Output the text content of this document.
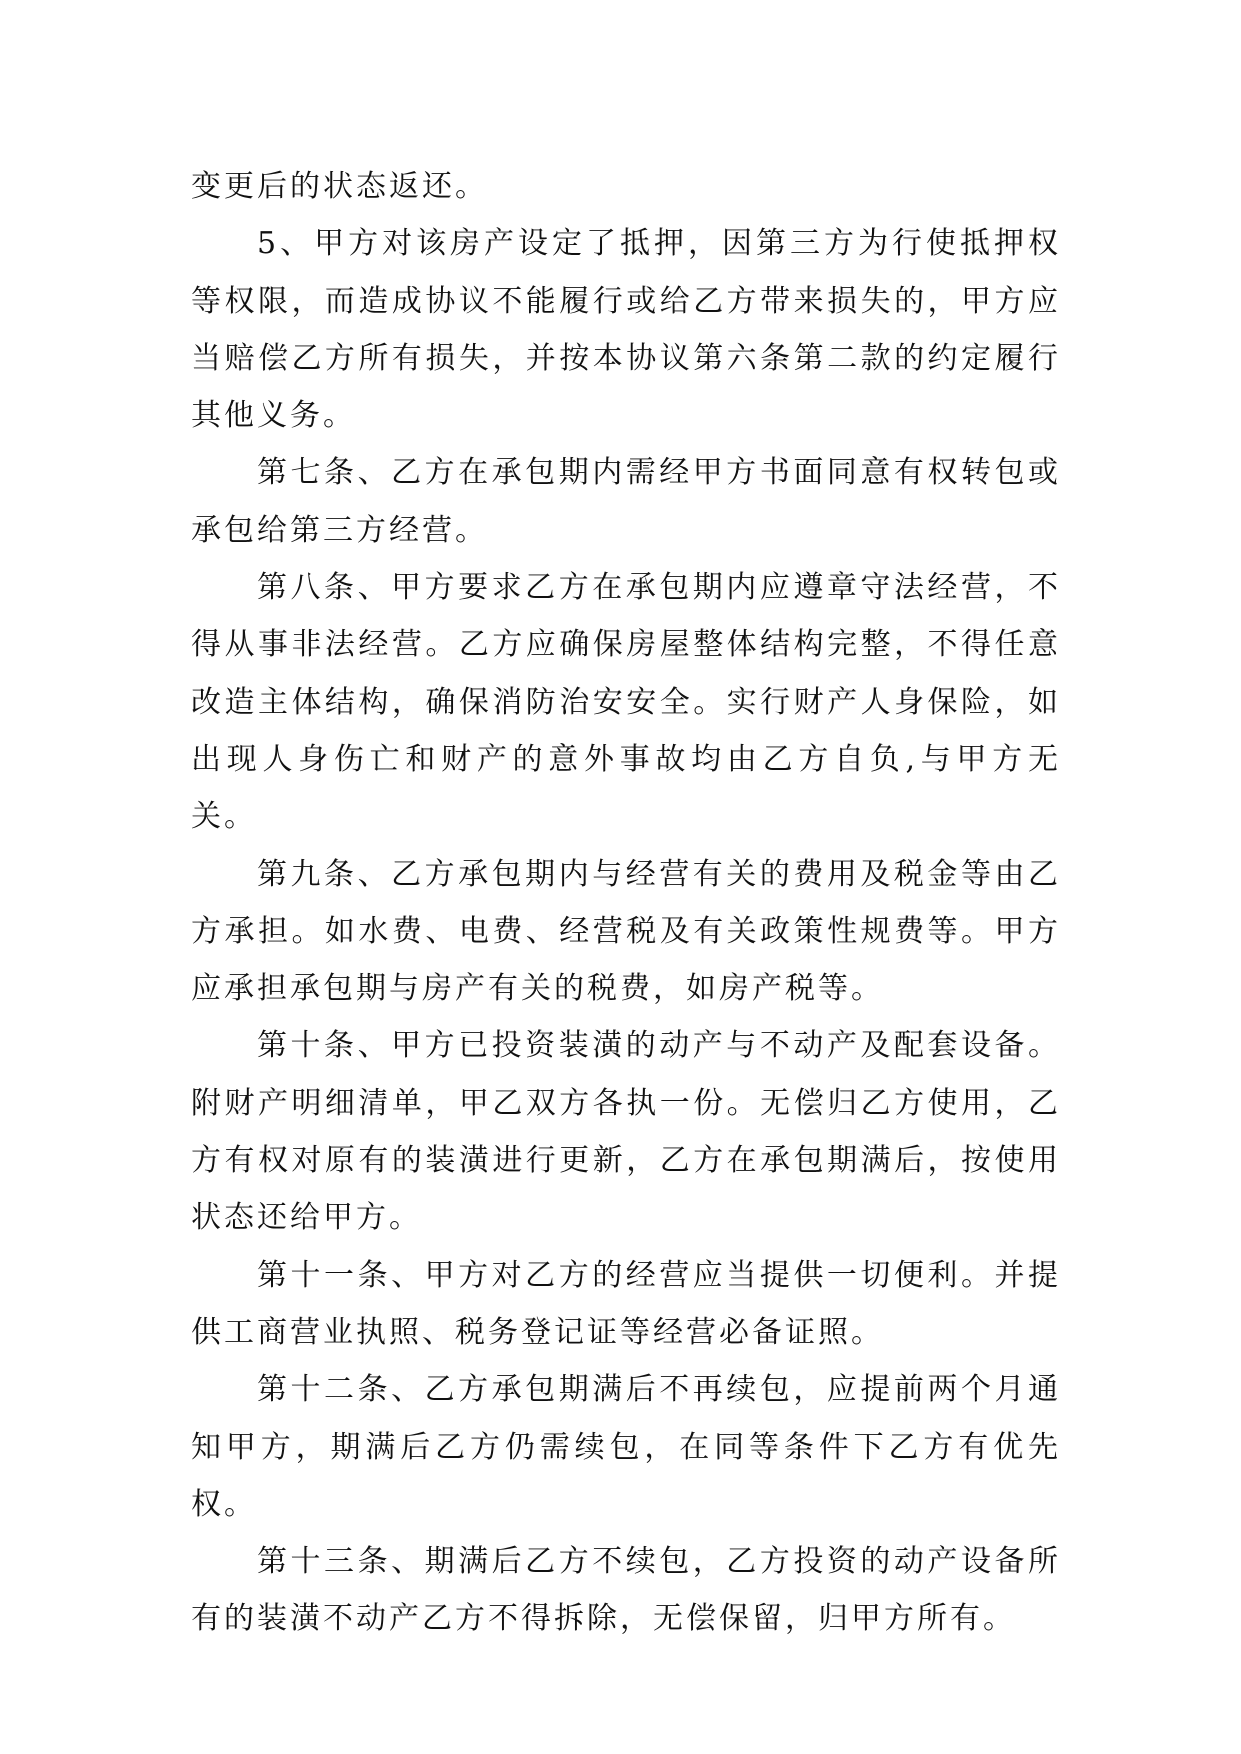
变更后的状态返还。

5、甲方对该房产设定了抵押，因第三方为行使抵押权等权限，而造成协议不能履行或给乙方带来损失的，甲方应当赔偿乙方所有损失，并按本协议第六条第二款的约定履行其他义务。

第七条、乙方在承包期内需经甲方书面同意有权转包或承包给第三方经营。

第八条、甲方要求乙方在承包期内应遵章守法经营，不得从事非法经营。乙方应确保房屋整体结构完整，不得任意改造主体结构，确保消防治安安全。实行财产人身保险，如出现人身伤亡和财产的意外事故均由乙方自负,与甲方无关。

第九条、乙方承包期内与经营有关的费用及税金等由乙方承担。如水费、电费、经营税及有关政策性规费等。甲方应承担承包期与房产有关的税费，如房产税等。

第十条、甲方已投资装潢的动产与不动产及配套设备。附财产明细清单，甲乙双方各执一份。无偿归乙方使用，乙方有权对原有的装潢进行更新，乙方在承包期满后，按使用状态还给甲方。

第十一条、甲方对乙方的经营应当提供一切便利。并提供工商营业执照、税务登记证等经营必备证照。

第十二条、乙方承包期满后不再续包，应提前两个月通知甲方，期满后乙方仍需续包，在同等条件下乙方有优先权。

第十三条、期满后乙方不续包，乙方投资的动产设备所有的装潢不动产乙方不得拆除，无偿保留，归甲方所有。
